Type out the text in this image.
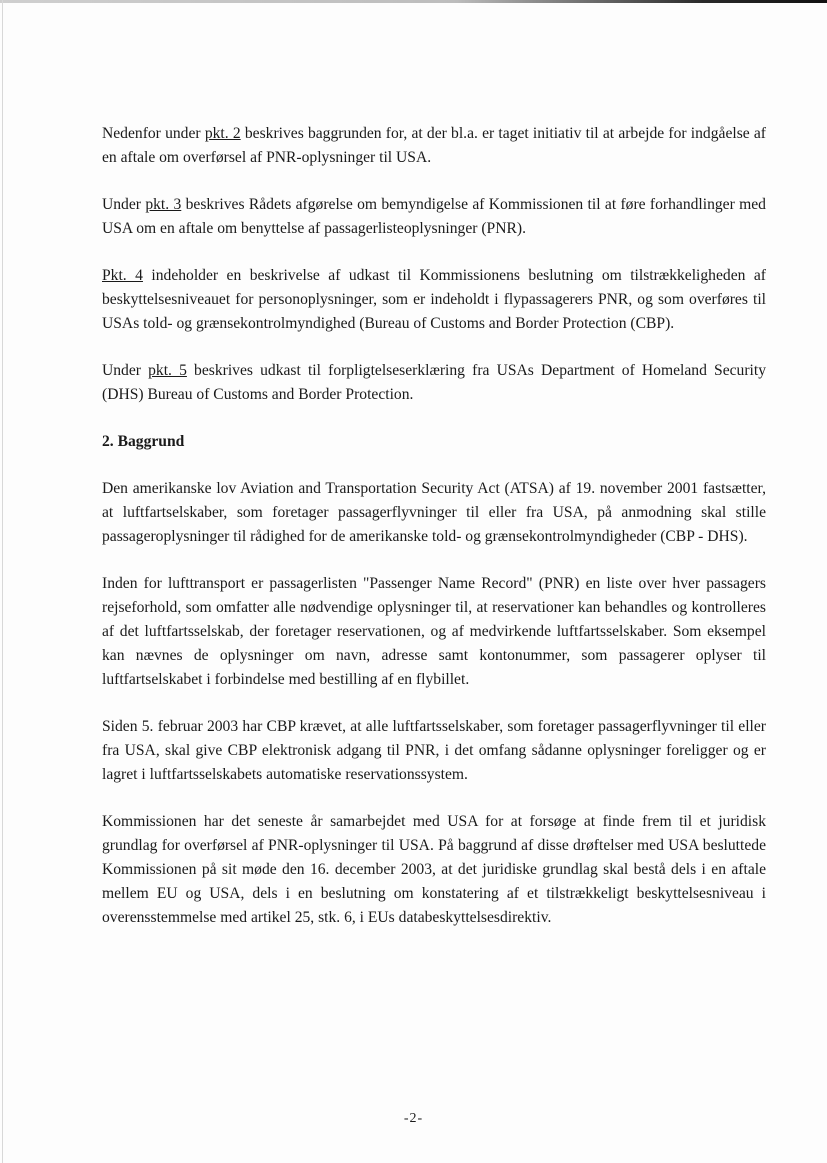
Nedenfor under pkt. 2 beskrives baggrunden for, at der bl.a. er taget initiativ til at arbejde for indgåelse af en aftale om overførsel af PNR-oplysninger til USA.

Under pkt. 3 beskrives Rådets afgørelse om bemyndigelse af Kommissionen til at føre forhandlinger med USA om en aftale om benyttelse af passagerlisteoplysninger (PNR).

Pkt. 4 indeholder en beskrivelse af udkast til Kommissionens beslutning om tilstrækkeligheden af beskyttelsesniveauet for personoplysninger, som er indeholdt i flypassagerers PNR, og som overføres til USAs told- og grænsekontrolmyndighed (Bureau of Customs and Border Protection (CBP).

Under pkt. 5 beskrives udkast til forpligtelseserklæring fra USAs Department of Homeland Security (DHS) Bureau of Customs and Border Protection.

2. Baggrund

Den amerikanske lov Aviation and Transportation Security Act (ATSA) af 19. november 2001 fastsætter, at luftfartselskaber, som foretager passagerflyvninger til eller fra USA, på anmodning skal stille passageroplysninger til rådighed for de amerikanske told- og grænsekontrolmyndigheder (CBP - DHS).

Inden for lufttransport er passagerlisten "Passenger Name Record" (PNR) en liste over hver passagers rejseforhold, som omfatter alle nødvendige oplysninger til, at reservationer kan behandles og kontrolleres af det luftfartsselskab, der foretager reservationen, og af medvirkende luftfartsselskaber. Som eksempel kan nævnes de oplysninger om navn, adresse samt kontonummer, som passagerer oplyser til luftfartselskabet i forbindelse med bestilling af en flybillet.

Siden 5. februar 2003 har CBP krævet, at alle luftfartsselskaber, som foretager passagerflyvninger til eller fra USA, skal give CBP elektronisk adgang til PNR, i det omfang sådanne oplysninger foreligger og er lagret i luftfartsselskabets automatiske reservationssystem.

Kommissionen har det seneste år samarbejdet med USA for at forsøge at finde frem til et juridisk grundlag for overførsel af PNR-oplysninger til USA. På baggrund af disse drøftelser med USA besluttede Kommissionen på sit møde den 16. december 2003, at det juridiske grundlag skal bestå dels i en aftale mellem EU og USA, dels i en beslutning om konstatering af et tilstrækkeligt beskyttelsesniveau i overensstemmelse med artikel 25, stk. 6, i EUs databeskyttelsesdirektiv.

-2-
